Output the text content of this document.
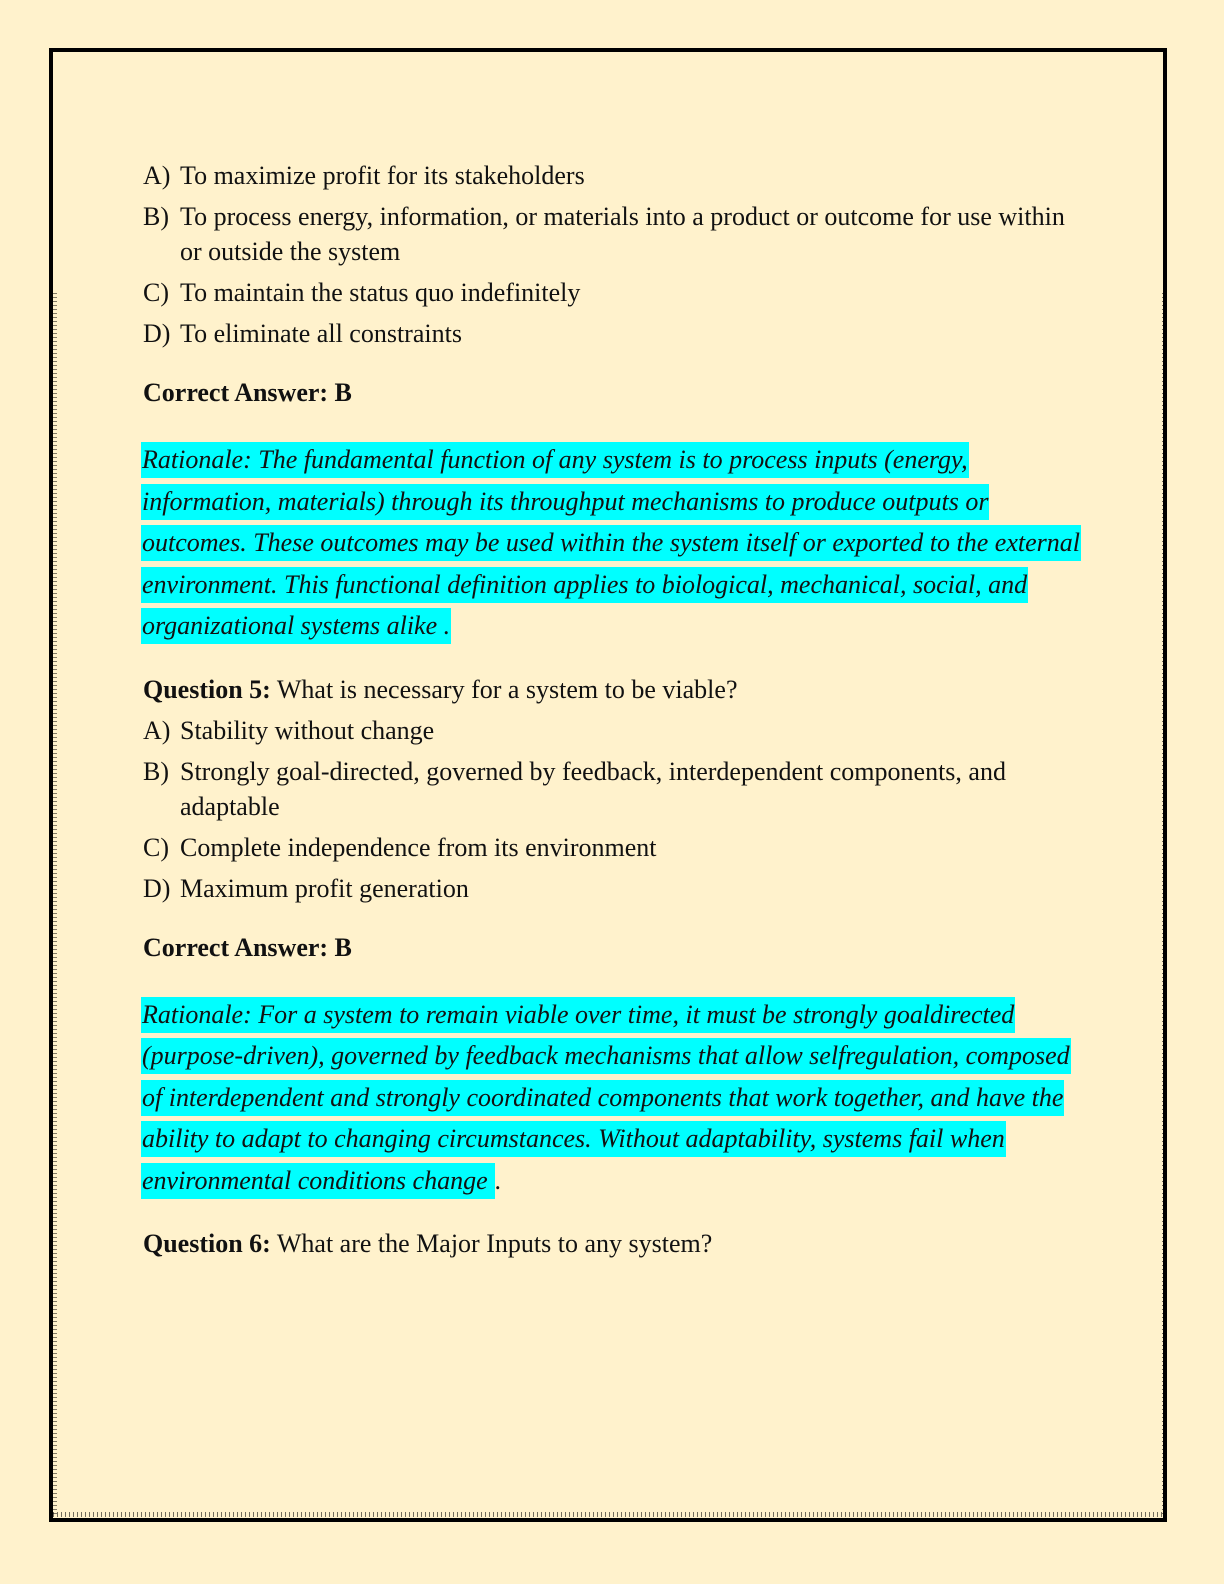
A) To maximize profit for its stakeholders
B) To process energy, information, or materials into a product or outcome for use within or outside the system
C) To maintain the status quo indefinitely
D) To eliminate all constraints
Correct Answer: B
Rationale: The fundamental function of any system is to process inputs (energy, information, materials) through its throughput mechanisms to produce outputs or outcomes. These outcomes may be used within the system itself or exported to the external environment. This functional definition applies to biological, mechanical, social, and organizational systems alike .
Question 5: What is necessary for a system to be viable?
A) Stability without change
B) Strongly goal-directed, governed by feedback, interdependent components, and adaptable
C) Complete independence from its environment
D) Maximum profit generation
Correct Answer: B
Rationale: For a system to remain viable over time, it must be strongly goaldirected (purpose-driven), governed by feedback mechanisms that allow selfregulation, composed of interdependent and strongly coordinated components that work together, and have the ability to adapt to changing circumstances. Without adaptability, systems fail when environmental conditions change .
Question 6: What are the Major Inputs to any system?
